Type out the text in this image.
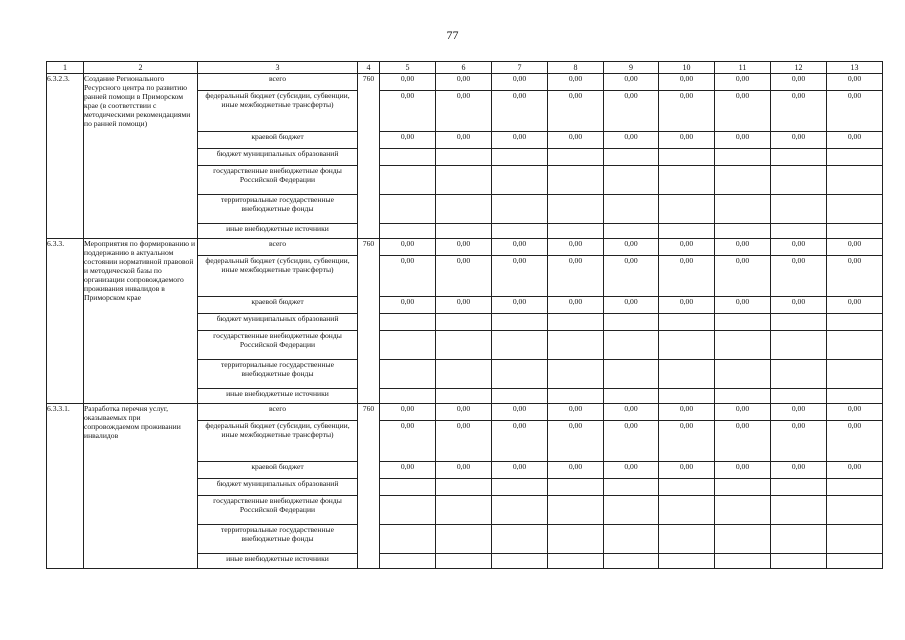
77
1	2	3	4	5	6	7	8	9	10	11	12	13
6.3.2.3.	Создание Регионального Ресурсного центра по развитию ранней помощи в Приморском крае (в соответствии с методическими рекомендациями по ранней помощи)	всего	760	0,00	0,00	0,00	0,00	0,00	0,00	0,00	0,00	0,00
		федеральный бюджет (субсидии, субвенции, иные межбюджетные трансферты)		0,00	0,00	0,00	0,00	0,00	0,00	0,00	0,00	0,00
		краевой бюджет		0,00	0,00	0,00	0,00	0,00	0,00	0,00	0,00	0,00
		бюджет муниципальных образований										
		государственные внебюджетные фонды Российской Федерации										
		территориальные государственные внебюджетные фонды										
		иные внебюджетные источники										
6.3.3.	Мероприятия по формированию и поддержанию в актуальном состоянии нормативной правовой и методической базы по организации сопровождаемого проживания инвалидов в Приморском крае	всего	760	0,00	0,00	0,00	0,00	0,00	0,00	0,00	0,00	0,00
		федеральный бюджет (субсидии, субвенции, иные межбюджетные трансферты)		0,00	0,00	0,00	0,00	0,00	0,00	0,00	0,00	0,00
		краевой бюджет		0,00	0,00	0,00	0,00	0,00	0,00	0,00	0,00	0,00
		бюджет муниципальных образований										
		государственные внебюджетные фонды Российской Федерации										
		территориальные государственные внебюджетные фонды										
		иные внебюджетные источники										
6.3.3.1.	Разработка перечня услуг, оказываемых при сопровождаемом проживании инвалидов	всего	760	0,00	0,00	0,00	0,00	0,00	0,00	0,00	0,00	0,00
		федеральный бюджет (субсидии, субвенции, иные межбюджетные трансферты)		0,00	0,00	0,00	0,00	0,00	0,00	0,00	0,00	0,00
		краевой бюджет		0,00	0,00	0,00	0,00	0,00	0,00	0,00	0,00	0,00
		бюджет муниципальных образований										
		государственные внебюджетные фонды Российской Федерации										
		территориальные государственные внебюджетные фонды										
		иные внебюджетные источники										
